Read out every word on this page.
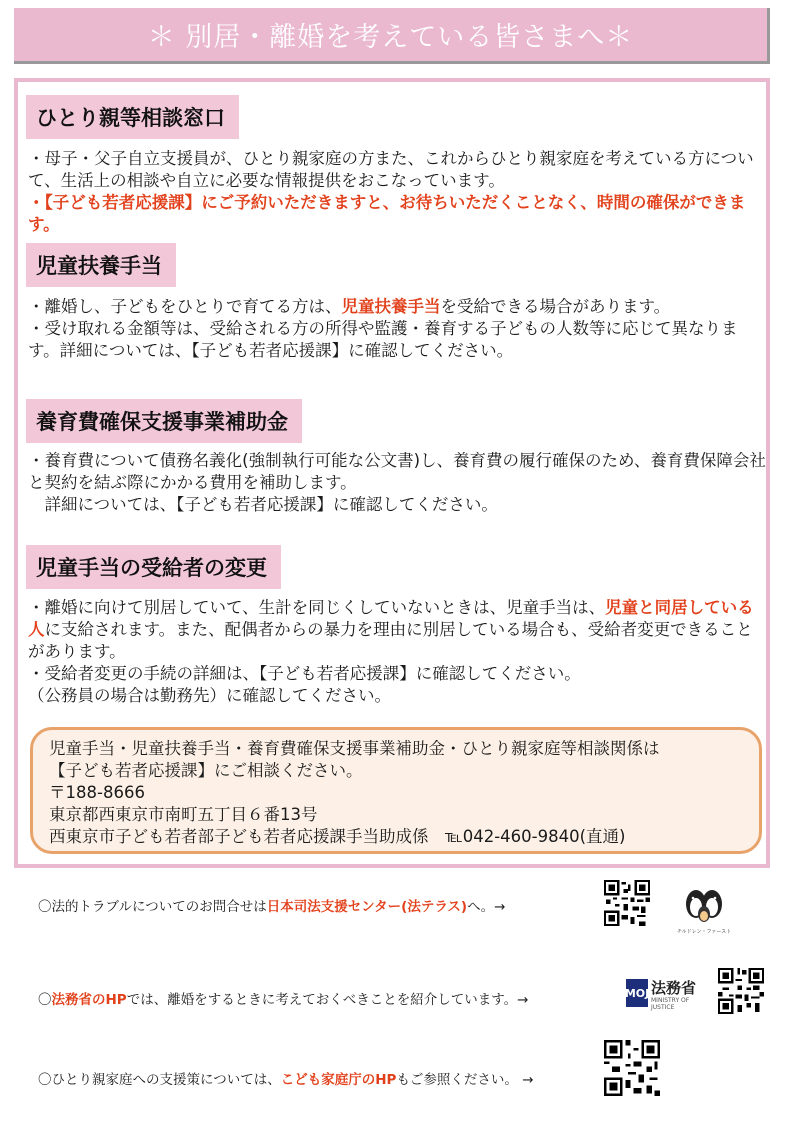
＊ 別居・離婚を考えている皆さまへ＊
ひとり親等相談窓口

・母子・父子自立支援員が、ひとり親家庭の方また、これからひとり親家庭を考えている方について、生活上の相談や自立に必要な情報提供をおこなっています。

・【子ども若者応援課】にご予約いただきますと、お待ちいただくことなく、時間の確保ができます。

児童扶養手当

・離婚し、子どもをひとりで育てる方は、児童扶養手当を受給できる場合があります。

・受け取れる金額等は、受給される方の所得や監護・養育する子どもの人数等に応じて異なります。詳細については、【子ども若者応援課】に確認してください。

養育費確保支援事業補助金

・養育費について債務名義化(強制執行可能な公文書)し、養育費の履行確保のため、養育費保障会社と契約を結ぶ際にかかる費用を補助します。

　詳細については、【子ども若者応援課】に確認してください。

児童手当の受給者の変更

・離婚に向けて別居していて、生計を同じくしていないときは、児童手当は、児童と同居している人に支給されます。また、配偶者からの暴力を理由に別居している場合も、受給者変更できることがあります。

・受給者変更の手続の詳細は、【子ども若者応援課】に確認してください。

（公務員の場合は勤務先）に確認してください。

児童手当・児童扶養手当・養育費確保支援事業補助金・ひとり親家庭等相談関係は
【子ども若者応援課】にご相談ください。
〒188-8666
東京都西東京市南町五丁目６番13号
西東京市子ども若者部子ども若者応援課手当助成係　℡042-460-9840(直通)
〇法的トラブルについてのお問合せは日本司法支援センター(法テラス)へ。→
〇法務省のHPでは、離婚をするときに考えておくべきことを紹介しています。→
〇ひとり親家庭への支援策については、こども家庭庁のHPもご参照ください。 →
チルドレン・ファースト
MOJ 法務省
MINISTRY OF JUSTICE
